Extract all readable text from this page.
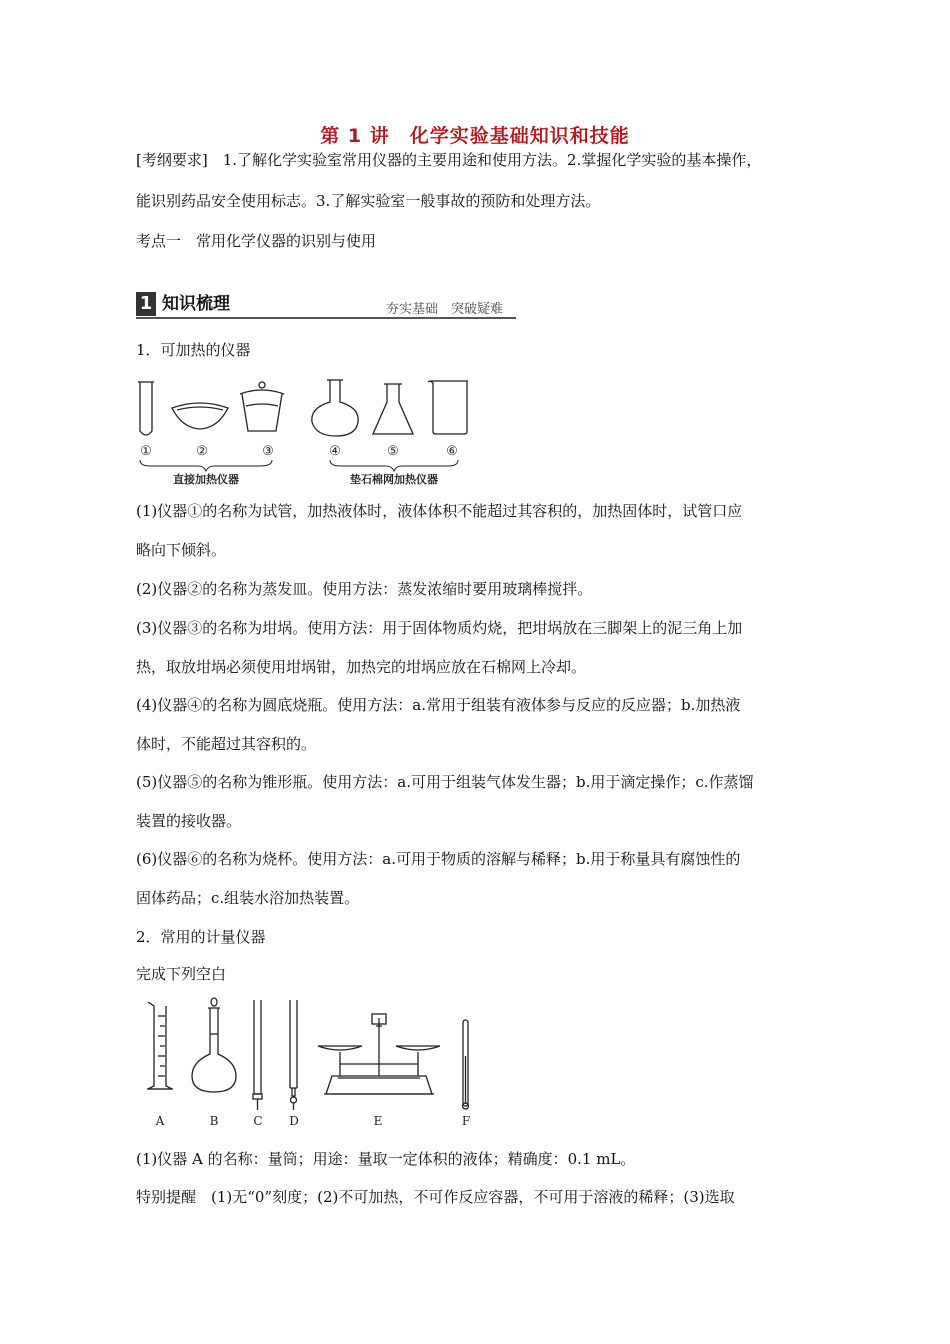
第 1 讲　化学实验基础知识和技能
[考纲要求]　1.了解化学实验室常用仪器的主要用途和使用方法。2.掌握化学实验的基本操作，
能识别药品安全使用标志。3.了解实验室一般事故的预防和处理方法。
考点一　常用化学仪器的识别与使用
1 知识梳理	夯实基础　突破疑难
1．可加热的仪器
①	②	③	④	⑤	⑥
直接加热仪器	垫石棉网加热仪器
(1)仪器①的名称为试管，加热液体时，液体体积不能超过其容积的，加热固体时，试管口应
略向下倾斜。
(2)仪器②的名称为蒸发皿。使用方法：蒸发浓缩时要用玻璃棒搅拌。
(3)仪器③的名称为坩埚。使用方法：用于固体物质灼烧，把坩埚放在三脚架上的泥三角上加
热，取放坩埚必须使用坩埚钳，加热完的坩埚应放在石棉网上冷却。
(4)仪器④的名称为圆底烧瓶。使用方法：a.常用于组装有液体参与反应的反应器；b.加热液
体时，不能超过其容积的。
(5)仪器⑤的名称为锥形瓶。使用方法：a.可用于组装气体发生器；b.用于滴定操作；c.作蒸馏
装置的接收器。
(6)仪器⑥的名称为烧杯。使用方法：a.可用于物质的溶解与稀释；b.用于称量具有腐蚀性的
固体药品；c.组装水浴加热装置。
2．常用的计量仪器
完成下列空白
A	B	C D	E	F
(1)仪器 A 的名称：量筒；用途：量取一定体积的液体；精确度：0.1 mL。
特别提醒　(1)无“0”刻度；(2)不可加热，不可作反应容器，不可用于溶液的稀释；(3)选取
